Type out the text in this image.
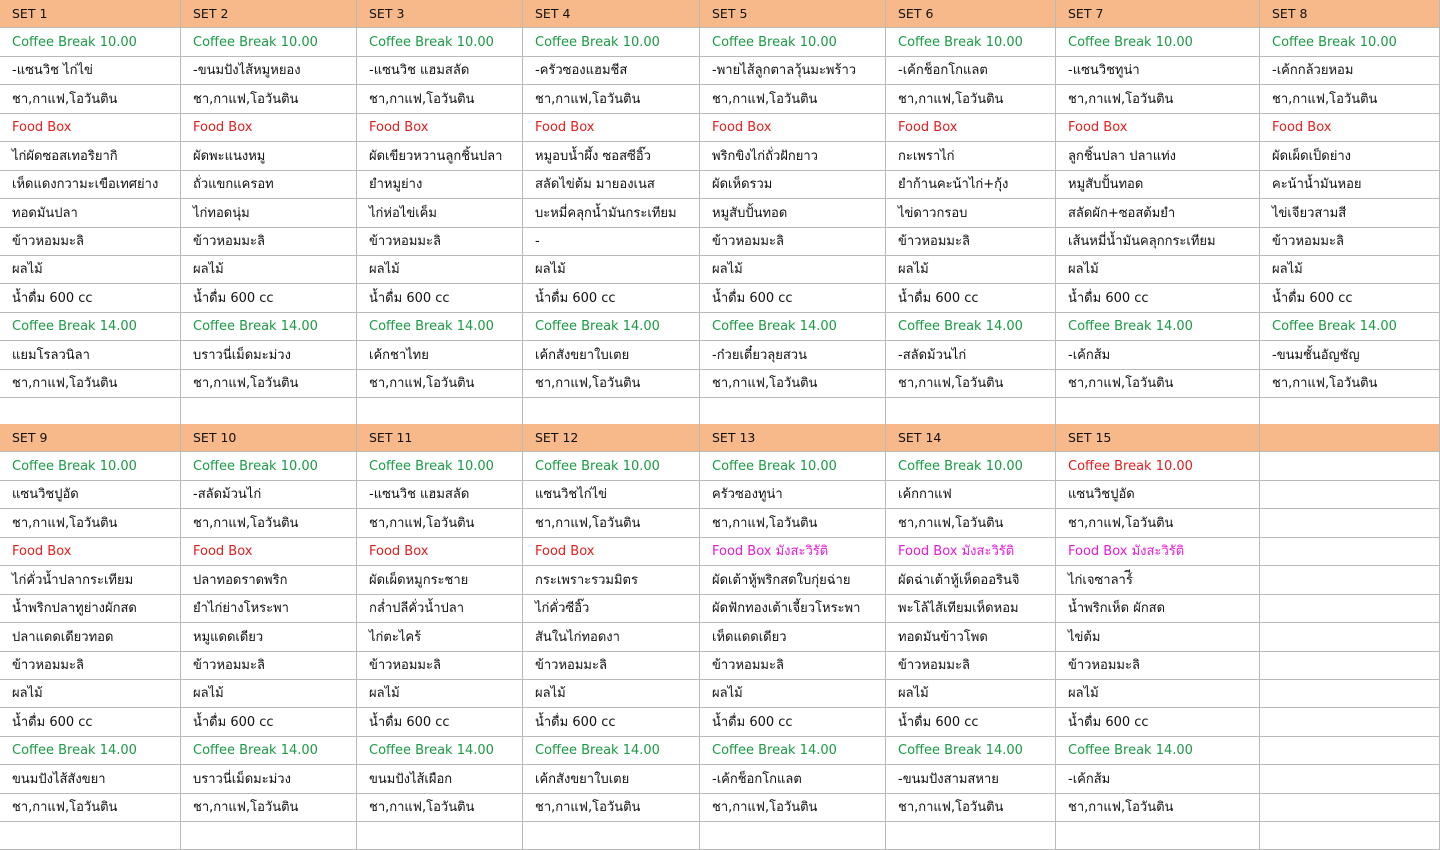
SET 1
Coffee Break 10.00
-แซนวิช ไก่ไข่
ชา,กาแฟ,โอวันติน
Food Box
ไก่ผัดซอสเทอริยากิ
เห็ดแดงกวามะเขือเทศย่าง
ทอดมันปลา
ข้าวหอมมะลิ
ผลไม้
น้ำดื่ม 600 cc
Coffee Break 14.00
แยมโรลวนิลา
ชา,กาแฟ,โอวันติน
SET 2
Coffee Break 10.00
-ขนมปังไส้หมูหยอง
ชา,กาแฟ,โอวันติน
Food Box
ผัดพะแนงหมู
ถั่วแขกแครอท
ไก่ทอดนุ่ม
ข้าวหอมมะลิ
ผลไม้
น้ำดื่ม 600 cc
Coffee Break 14.00
บราวนี่เม็ดมะม่วง
ชา,กาแฟ,โอวันติน
SET 3
Coffee Break 10.00
-แซนวิช แฮมสลัด
ชา,กาแฟ,โอวันติน
Food Box
ผัดเขียวหวานลูกชิ้นปลา
ยำหมูย่าง
ไก่ห่อไข่เค็ม
ข้าวหอมมะลิ
ผลไม้
น้ำดื่ม 600 cc
Coffee Break 14.00
เค้กชาไทย
ชา,กาแฟ,โอวันติน
SET 4
Coffee Break 10.00
-ครัวซองแฮมชีส
ชา,กาแฟ,โอวันติน
Food Box
หมูอบน้ำผึ้ง ซอสซีอิ๊ว
สลัดไข่ต้ม มายองเนส
บะหมี่คลุกน้ำมันกระเทียม
-
ผลไม้
น้ำดื่ม 600 cc
Coffee Break 14.00
เค้กสังขยาใบเตย
ชา,กาแฟ,โอวันติน
SET 5
Coffee Break 10.00
-พายไส้ลูกตาลวุ้นมะพร้าว
ชา,กาแฟ,โอวันติน
Food Box
พริกขิงไก่ถั่วฝักยาว
ผัดเห็ดรวม
หมูสับปั้นทอด
ข้าวหอมมะลิ
ผลไม้
น้ำดื่ม 600 cc
Coffee Break 14.00
-ก๋วยเตี๋ยวลุยสวน
ชา,กาแฟ,โอวันติน
SET 6
Coffee Break 10.00
-เค้กช็อกโกแลต
ชา,กาแฟ,โอวันติน
Food Box
กะเพราไก่
ยำก้านคะน้าไก่+กุ้ง
ไข่ดาวกรอบ
ข้าวหอมมะลิ
ผลไม้
น้ำดื่ม 600 cc
Coffee Break 14.00
-สลัดม้วนไก่
ชา,กาแฟ,โอวันติน
SET 7
Coffee Break 10.00
-แซนวิชทูน่า
ชา,กาแฟ,โอวันติน
Food Box
ลูกชิ้นปลา ปลาแท่ง
หมูสับปั้นทอด
สลัดผัก+ซอสต้มยำ
เส้นหมี่น้ำมันคลุกกระเทียม
ผลไม้
น้ำดื่ม 600 cc
Coffee Break 14.00
-เค้กส้ม
ชา,กาแฟ,โอวันติน
SET 8
Coffee Break 10.00
-เค้กกล้วยหอม
ชา,กาแฟ,โอวันติน
Food Box
ผัดเผ็ดเป็ดย่าง
คะน้าน้ำมันหอย
ไข่เจียวสามสี
ข้าวหอมมะลิ
ผลไม้
น้ำดื่ม 600 cc
Coffee Break 14.00
-ขนมชั้นอัญชัญ
ชา,กาแฟ,โอวันติน
SET 9
Coffee Break 10.00
แซนวิชปูอัด
ชา,กาแฟ,โอวันติน
Food Box
ไก่คั่วน้ำปลากระเทียม
น้ำพริกปลาทูย่างผักสด
ปลาแดดเดียวทอด
ข้าวหอมมะลิ
ผลไม้
น้ำดื่ม 600 cc
Coffee Break 14.00
ขนมปังไส้สังขยา
ชา,กาแฟ,โอวันติน
SET 10
Coffee Break 10.00
-สลัดม้วนไก่
ชา,กาแฟ,โอวันติน
Food Box
ปลาทอดราดพริก
ยำไก่ย่างโหระพา
หมูแดดเดียว
ข้าวหอมมะลิ
ผลไม้
น้ำดื่ม 600 cc
Coffee Break 14.00
บราวนี่เม็ดมะม่วง
ชา,กาแฟ,โอวันติน
SET 11
Coffee Break 10.00
-แซนวิช แฮมสลัด
ชา,กาแฟ,โอวันติน
Food Box
ผัดเผ็ดหมูกระชาย
กล่ำปลีคั่วน้ำปลา
ไก่ตะไคร้
ข้าวหอมมะลิ
ผลไม้
น้ำดื่ม 600 cc
Coffee Break 14.00
ขนมปังไส้เผือก
ชา,กาแฟ,โอวันติน
SET 12
Coffee Break 10.00
แซนวิชไก่ไข่
ชา,กาแฟ,โอวันติน
Food Box
กระเพราะรวมมิตร
ไก่คั่วซีอิ๊ว
สันในไก่ทอดงา
ข้าวหอมมะลิ
ผลไม้
น้ำดื่ม 600 cc
Coffee Break 14.00
เค้กสังขยาใบเตย
ชา,กาแฟ,โอวันติน
SET 13
Coffee Break 10.00
ครัวซองทูน่า
ชา,กาแฟ,โอวันติน
Food Box มังสะวิรัติ
ผัดเต้าหู้พริกสดใบกุ่ยฉ่าย
ผัดฟักทองเต้าเจี้ยวโหระพา
เห็ดแดดเดียว
ข้าวหอมมะลิ
ผลไม้
น้ำดื่ม 600 cc
Coffee Break 14.00
-เค้กช็อกโกแลต
ชา,กาแฟ,โอวันติน
SET 14
Coffee Break 10.00
เค้กกาแฟ
ชา,กาแฟ,โอวันติน
Food Box มังสะวิรัติ
ผัดฉ่าเต้าหู้เห็ดออรินจิ
พะโล้ไส้เทียมเห็ดหอม
ทอดมันข้าวโพด
ข้าวหอมมะลิ
ผลไม้
น้ำดื่ม 600 cc
Coffee Break 14.00
-ขนมปังสามสหาย
ชา,กาแฟ,โอวันติน
SET 15
Coffee Break 10.00
แซนวิชปูอัด
ชา,กาแฟ,โอวันติน
Food Box มังสะวิรัติ
ไก่เจซาลาร์ี
น้ำพริกเห็ด ผักสด
ไข่ต้ม
ข้าวหอมมะลิ
ผลไม้
น้ำดื่ม 600 cc
Coffee Break 14.00
-เค้กส้ม
ชา,กาแฟ,โอวันติน
